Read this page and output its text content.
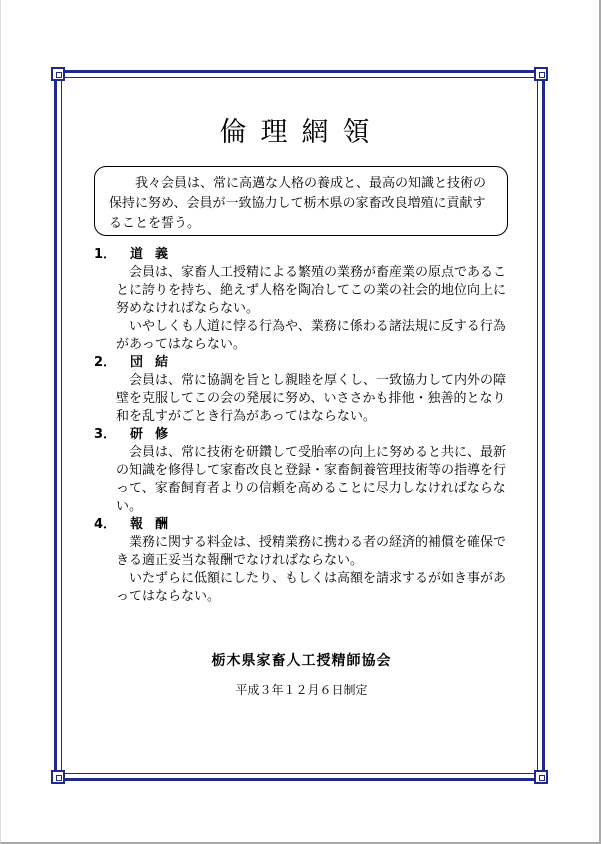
倫理網領

我々会員は、常に高邁な人格の養成と、最高の知識と技術の保持に努め、会員が一致協力して栃木県の家畜改良増殖に貢献することを誓う。

1．	道義

会員は、家畜人工授精による繁殖の業務が畜産業の原点であることに誇りを持ち、絶えず人格を陶冶してこの業の社会的地位向上に努めなければならない。

いやしくも人道に悖る行為や、業務に係わる諸法規に反する行為があってはならない。

2．	団結

会員は、常に協調を旨とし親睦を厚くし、一致協力して内外の障壁を克服してこの会の発展に努め、いささかも排他・独善的となり和を乱すがごとき行為があってはならない。

3．	研修

会員は、常に技術を研鑽して受胎率の向上に努めると共に、最新の知識を修得して家畜改良と登録・家畜飼養管理技術等の指導を行って、家畜飼育者よりの信頼を高めることに尽力しなければならない。

4．	報酬

業務に関する料金は、授精業務に携わる者の経済的補償を確保できる適正妥当な報酬でなければならない。

いたずらに低額にしたり、もしくは高額を請求するが如き事があってはならない。

栃木県家畜人工授精師協会
平成３年１２月６日制定
